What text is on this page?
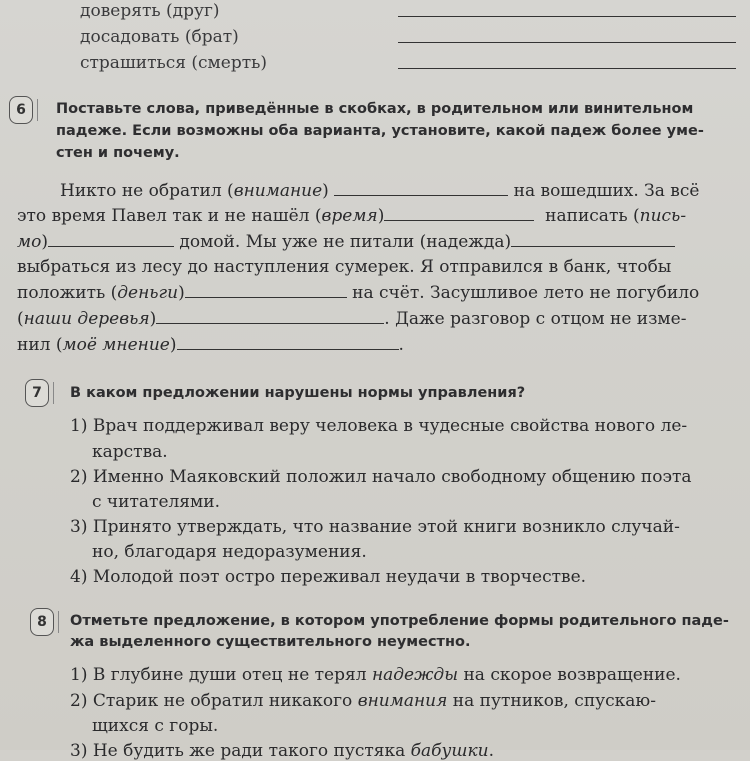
доверять (друг)
досадовать (брат)
страшиться (смерть)
6 Поставьте слова, приведённые в скобках, в родительном или винительном
падеже. Если возможны оба варианта, установите, какой падеж более уме-
стен и почему.
Никто не обратил (внимание)	на вошедших. За всё
это время Павел так и не нашёл (время)	написать (пись-
мо)	домой. Мы уже не питали (надежда)
выбраться из лесу до наступления сумерек. Я отправился в банк, чтобы
положить (деньги)	на счёт. Засушливое лето не погубило
(наши деревья)	. Даже разговор с отцом не изме-
нил (моё мнение)	.
7 В каком предложении нарушены нормы управления?
1) Врач поддерживал веру человека в чудесные свойства нового ле-
карства.
2) Именно Маяковский положил начало свободному общению поэта
с читателями.
3) Принято утверждать, что название этой книги возникло случай-
но, благодаря недоразумения.
4) Молодой поэт остро переживал неудачи в творчестве.
8 Отметьте предложение, в котором употребление формы родительного паде-
жа выделенного существительного неуместно.
1) В глубине души отец не терял надежды на скорое возвращение.
2) Старик не обратил никакого внимания на путников, спускаю-
щихся с горы.
3) Не будить же ради такого пустяка бабушки.
